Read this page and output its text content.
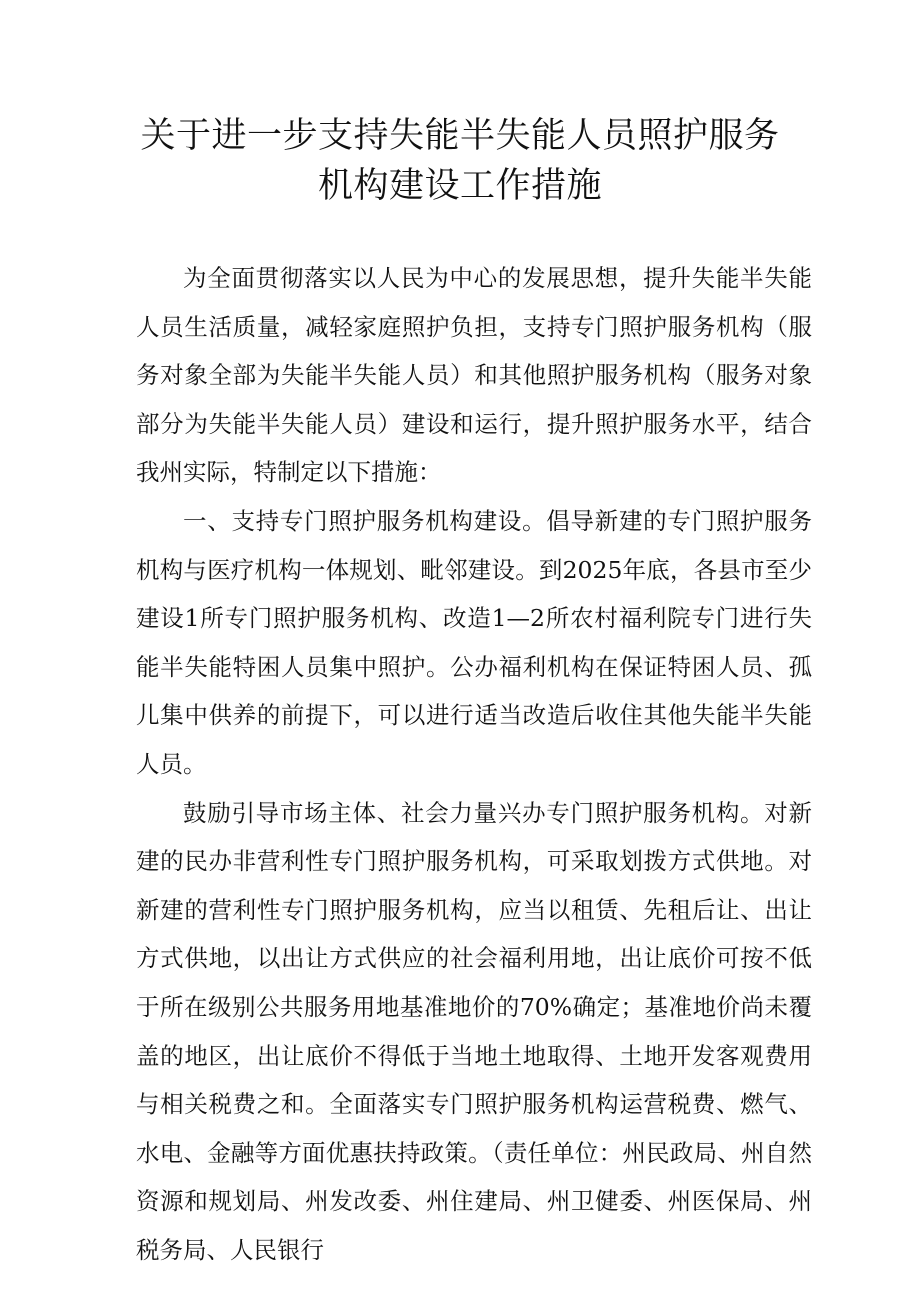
关于进一步支持失能半失能人员照护服务
机构建设工作措施

为全面贯彻落实以人民为中心的发展思想，提升失能半失能人员生活质量，减轻家庭照护负担，支持专门照护服务机构（服务对象全部为失能半失能人员）和其他照护服务机构（服务对象部分为失能半失能人员）建设和运行，提升照护服务水平，结合我州实际，特制定以下措施：

一、支持专门照护服务机构建设。倡导新建的专门照护服务机构与医疗机构一体规划、毗邻建设。到2025年底，各县市至少建设1所专门照护服务机构、改造1—2所农村福利院专门进行失能半失能特困人员集中照护。公办福利机构在保证特困人员、孤儿集中供养的前提下，可以进行适当改造后收住其他失能半失能人员。

鼓励引导市场主体、社会力量兴办专门照护服务机构。对新建的民办非营利性专门照护服务机构，可采取划拨方式供地。对新建的营利性专门照护服务机构，应当以租赁、先租后让、出让方式供地，以出让方式供应的社会福利用地，出让底价可按不低于所在级别公共服务用地基准地价的70%确定；基准地价尚未覆盖的地区，出让底价不得低于当地土地取得、土地开发客观费用与相关税费之和。全面落实专门照护服务机构运营税费、燃气、水电、金融等方面优惠扶持政策。（责任单位：州民政局、州自然资源和规划局、州发改委、州住建局、州卫健委、州医保局、州税务局、人民银行
